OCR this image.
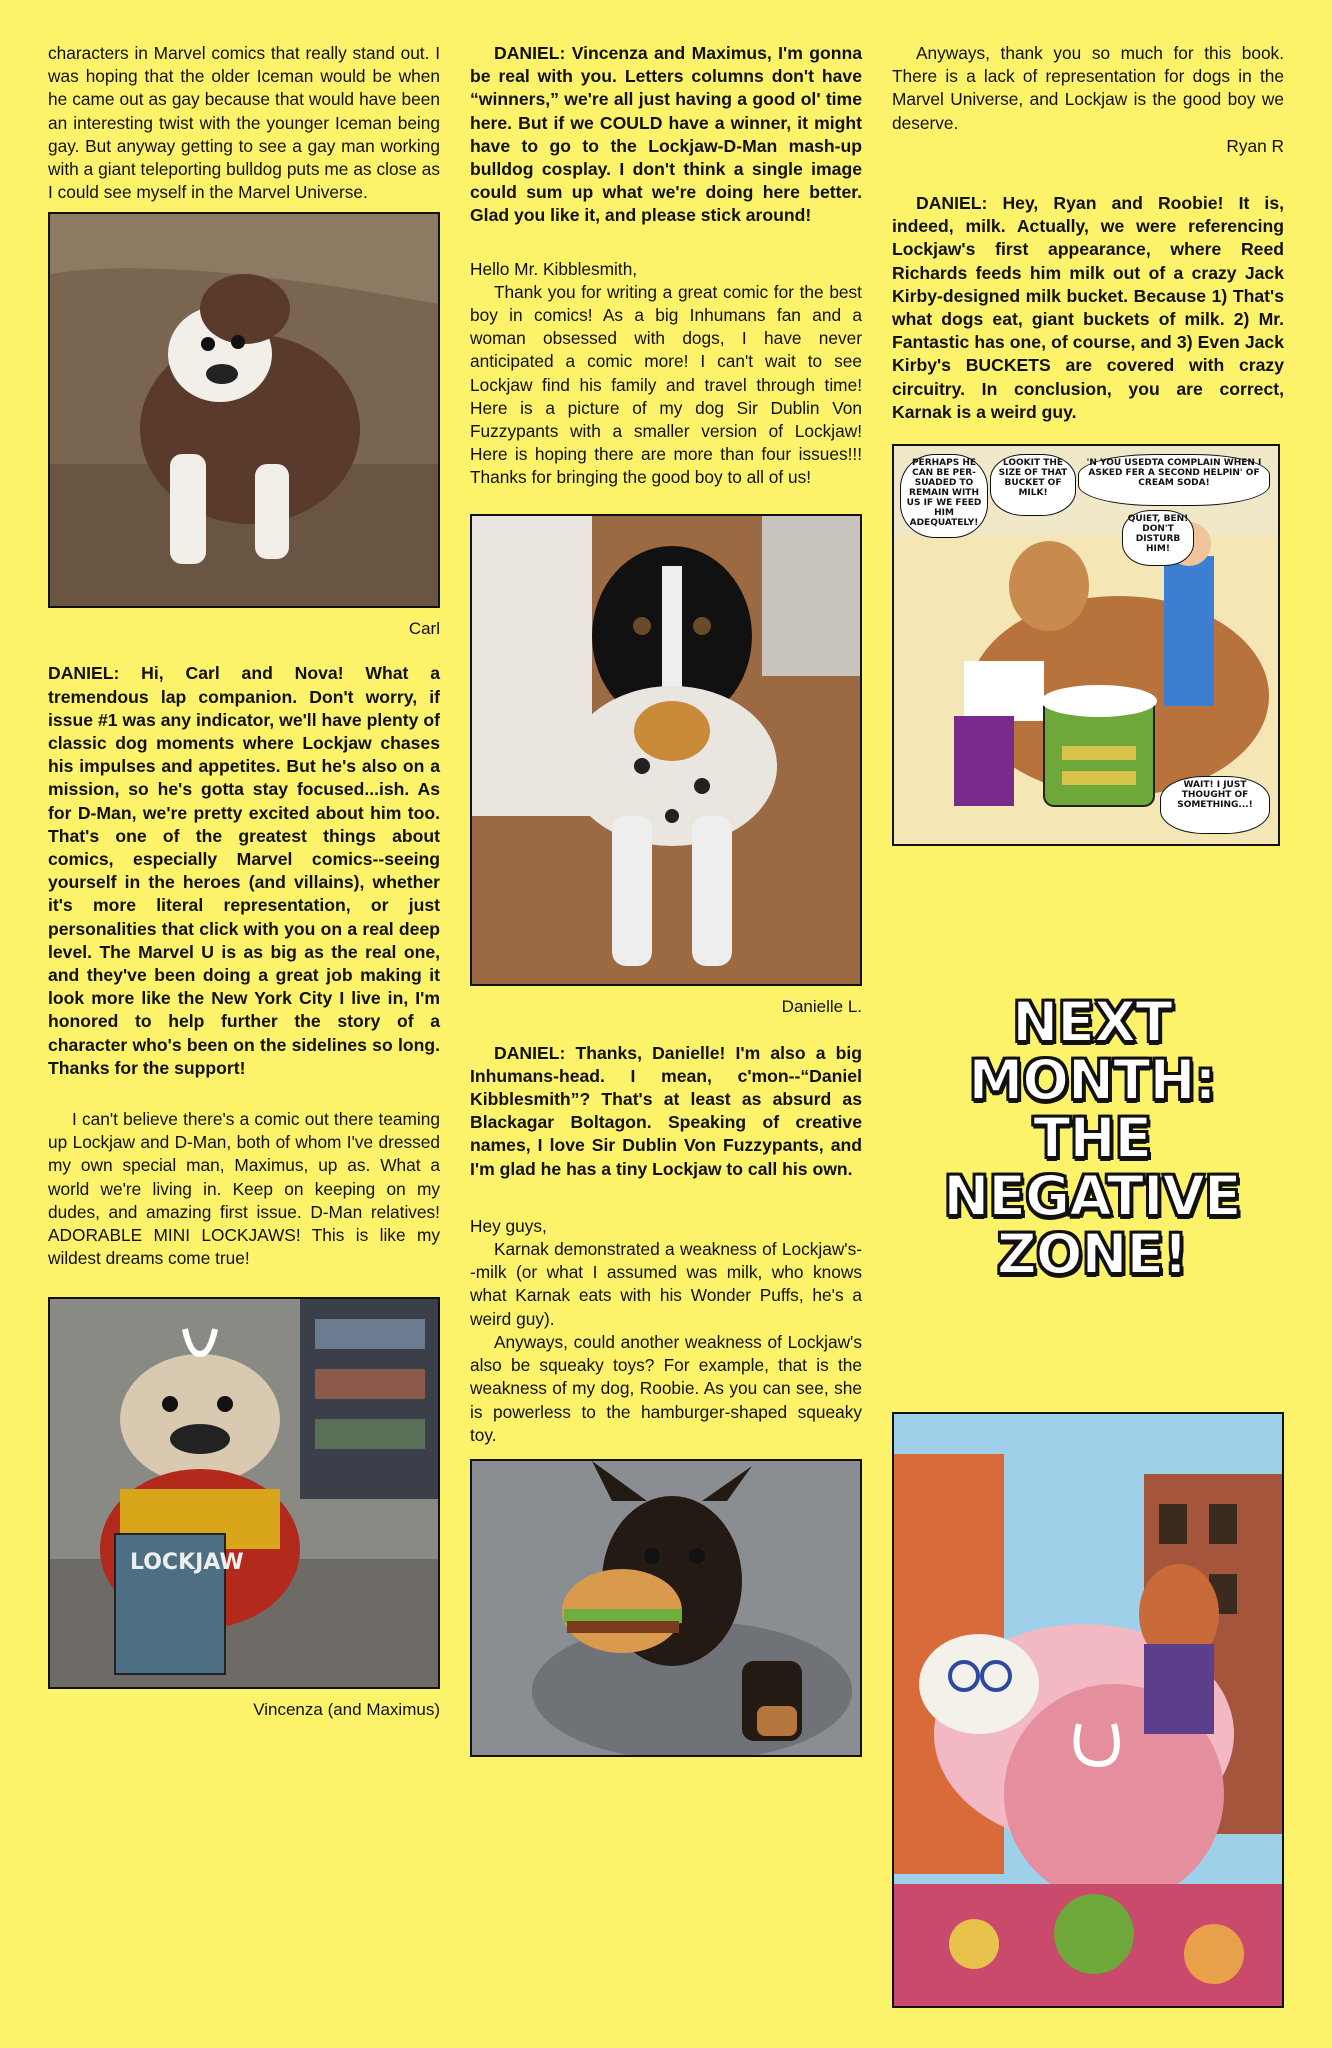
characters in Marvel comics that really stand out. I was hoping that the older Iceman would be when he came out as gay because that would have been an interesting twist with the younger Iceman being gay. But anyway getting to see a gay man working with a giant teleporting bulldog puts me as close as I could see myself in the Marvel Universe.

Carl

DANIEL: Hi, Carl and Nova! What a tremendous lap companion. Don't worry, if issue #1 was any indicator, we'll have plenty of classic dog moments where Lockjaw chases his impulses and appetites. But he's also on a mission, so he's gotta stay focused...ish. As for D-Man, we're pretty excited about him too. That's one of the greatest things about comics, especially Marvel comics--seeing yourself in the heroes (and villains), whether it's more literal representation, or just personalities that click with you on a real deep level. The Marvel U is as big as the real one, and they've been doing a great job making it look more like the New York City I live in, I'm honored to help further the story of a character who's been on the sidelines so long. Thanks for the support!

I can't believe there's a comic out there teaming up Lockjaw and D-Man, both of whom I've dressed my own special man, Maximus, up as. What a world we're living in. Keep on keeping on my dudes, and amazing first issue. D-Man relatives! ADORABLE MINI LOCKJAWS! This is like my wildest dreams come true!

LOCKJAW

Vincenza (and Maximus)

DANIEL: Vincenza and Maximus, I'm gonna be real with you. Letters columns don't have “winners,” we're all just having a good ol' time here. But if we COULD have a winner, it might have to go to the Lockjaw-D-Man mash-up bulldog cosplay. I don't think a single image could sum up what we're doing here better. Glad you like it, and please stick around!

Hello Mr. Kibblesmith,

Thank you for writing a great comic for the best boy in comics! As a big Inhumans fan and a woman obsessed with dogs, I have never anticipated a comic more! I can't wait to see Lockjaw find his family and travel through time! Here is a picture of my dog Sir Dublin Von Fuzzypants with a smaller version of Lockjaw! Here is hoping there are more than four issues!!! Thanks for bringing the good boy to all of us!

Danielle L.

DANIEL: Thanks, Danielle! I'm also a big Inhumans-head. I mean, c'mon--“Daniel Kibblesmith”? That's at least as absurd as Blackagar Boltagon. Speaking of creative names, I love Sir Dublin Von Fuzzypants, and I'm glad he has a tiny Lockjaw to call his own.

Hey guys,

Karnak demonstrated a weakness of Lockjaw's--milk (or what I assumed was milk, who knows what Karnak eats with his Wonder Puffs, he's a weird guy).

Anyways, could another weakness of Lockjaw's also be squeaky toys? For example, that is the weakness of my dog, Roobie. As you can see, she is powerless to the hamburger-shaped squeaky toy.

Anyways, thank you so much for this book. There is a lack of representation for dogs in the Marvel Universe, and Lockjaw is the good boy we deserve.

Ryan R

DANIEL: Hey, Ryan and Roobie! It is, indeed, milk. Actually, we were referencing Lockjaw's first appearance, where Reed Richards feeds him milk out of a crazy Jack Kirby-designed milk bucket. Because 1) That's what dogs eat, giant buckets of milk. 2) Mr. Fantastic has one, of course, and 3) Even Jack Kirby's BUCKETS are covered with crazy circuitry. In conclusion, you are correct, Karnak is a weird guy.

PERHAPS HE CAN BE PER-SUADED TO REMAIN WITH US IF WE FEED HIM ADEQUATELY!
LOOKIT THE SIZE OF THAT BUCKET OF MILK!
'N YOU USEDTA COMPLAIN WHEN I ASKED FER A SECOND HELPIN' OF CREAM SODA!
QUIET, BEN! DON'T DISTURB HIM!
WAIT! I JUST THOUGHT OF SOMETHING...!
NEXT
MONTH:
THE
NEGATIVE
ZONE!
